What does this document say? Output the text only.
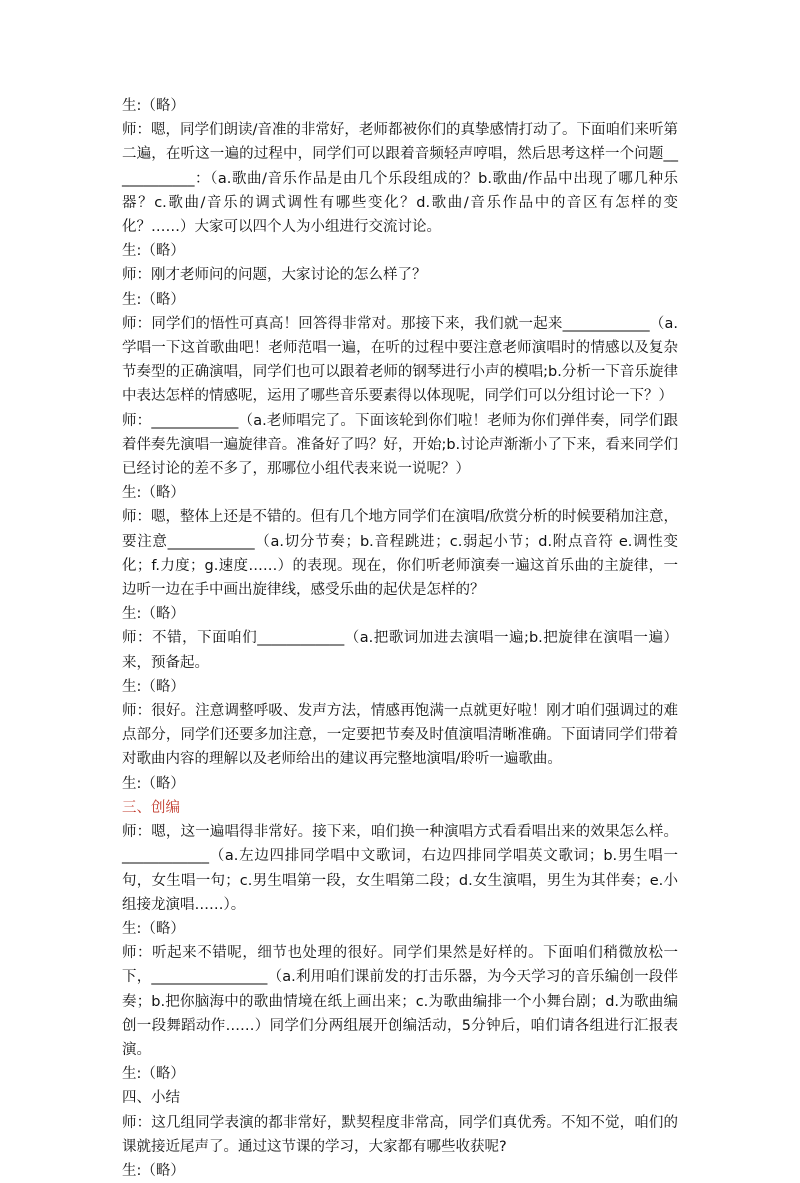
生:（略）

师：嗯，同学们朗读/音准的非常好，老师都被你们的真挚感情打动了。下面咱们来听第二遍，在听这一遍的过程中，同学们可以跟着音频轻声哼唱，然后思考这样一个问题____________：（a.歌曲/音乐作品是由几个乐段组成的？b.歌曲/作品中出现了哪几种乐器？c.歌曲/音乐的调式调性有哪些变化？d.歌曲/音乐作品中的音区有怎样的变化？……）大家可以四个人为小组进行交流讨论。

生:（略）

师：刚才老师问的问题，大家讨论的怎么样了？

生:（略）

师：同学们的悟性可真高！回答得非常对。那接下来，我们就一起来____________（a.学唱一下这首歌曲吧！老师范唱一遍，在听的过程中要注意老师演唱时的情感以及复杂节奏型的正确演唱，同学们也可以跟着老师的钢琴进行小声的模唱;b.分析一下音乐旋律中表达怎样的情感呢，运用了哪些音乐要素得以体现呢，同学们可以分组讨论一下？）

师：____________（a.老师唱完了。下面该轮到你们啦！老师为你们弹伴奏，同学们跟着伴奏先演唱一遍旋律音。准备好了吗？好，开始;b.讨论声渐渐小了下来，看来同学们已经讨论的差不多了，那哪位小组代表来说一说呢？）

生:（略）

师：嗯，整体上还是不错的。但有几个地方同学们在演唱/欣赏分析的时候要稍加注意，要注意____________（a.切分节奏；b.音程跳进；c.弱起小节；d.附点音符 e.调性变化；f.力度；g.速度……）的表现。现在，你们听老师演奏一遍这首乐曲的主旋律，一边听一边在手中画出旋律线，感受乐曲的起伏是怎样的？

生:（略）

师：不错，下面咱们____________（a.把歌词加进去演唱一遍;b.把旋律在演唱一遍）来，预备起。

生:（略）

师：很好。注意调整呼吸、发声方法，情感再饱满一点就更好啦！刚才咱们强调过的难点部分，同学们还要多加注意，一定要把节奏及时值演唱清晰准确。下面请同学们带着对歌曲内容的理解以及老师给出的建议再完整地演唱/聆听一遍歌曲。

生:（略）

三、创编

师：嗯，这一遍唱得非常好。接下来，咱们换一种演唱方式看看唱出来的效果怎么样。____________（a.左边四排同学唱中文歌词，右边四排同学唱英文歌词；b.男生唱一句，女生唱一句；c.男生唱第一段，女生唱第二段；d.女生演唱，男生为其伴奏；e.小组接龙演唱……）。

生:（略）

师：听起来不错呢，细节也处理的很好。同学们果然是好样的。下面咱们稍微放松一下，________________（a.利用咱们课前发的打击乐器，为今天学习的音乐编创一段伴奏；b.把你脑海中的歌曲情境在纸上画出来；c.为歌曲编排一个小舞台剧；d.为歌曲编创一段舞蹈动作……）同学们分两组展开创编活动，5分钟后，咱们请各组进行汇报表演。

生:（略）

四、小结

师：这几组同学表演的都非常好，默契程度非常高，同学们真优秀。不知不觉，咱们的课就接近尾声了。通过这节课的学习，大家都有哪些收获呢?

生:（略）
